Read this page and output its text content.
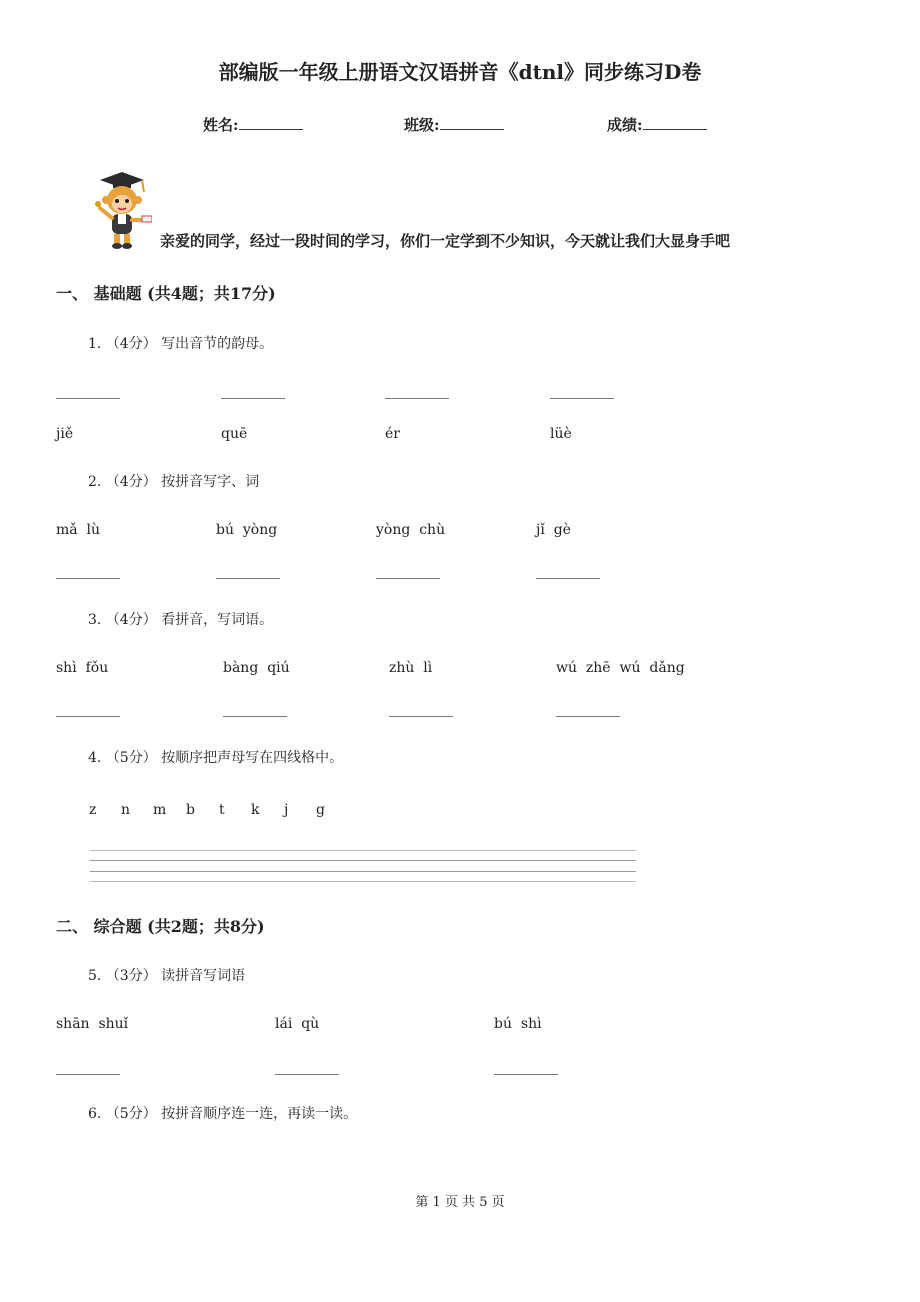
部编版一年级上册语文汉语拼音《dtnl》同步练习D卷
姓名:	班级:	成绩:
亲爱的同学，经过一段时间的学习，你们一定学到不少知识，今天就让我们大显身手吧
一、 基础题 (共4题；共17分)
1. （4分） 写出音节的韵母。
jiě	quē	ér	lüè
2. （4分） 按拼音写字、词
mǎ  lù	bú  yòng	yòng  chù	jǐ  gè
3. （4分） 看拼音，写词语。
shì  fǒu	bàng  qiú	zhù  lì	wú  zhē  wú  dǎng
4. （5分） 按顺序把声母写在四线格中。
z n m b t k j g
二、 综合题 (共2题；共8分)
5. （3分） 读拼音写词语
shān  shuǐ	lái  qù	bú  shì
6. （5分） 按拼音顺序连一连，再读一读。
第 1 页 共 5 页
